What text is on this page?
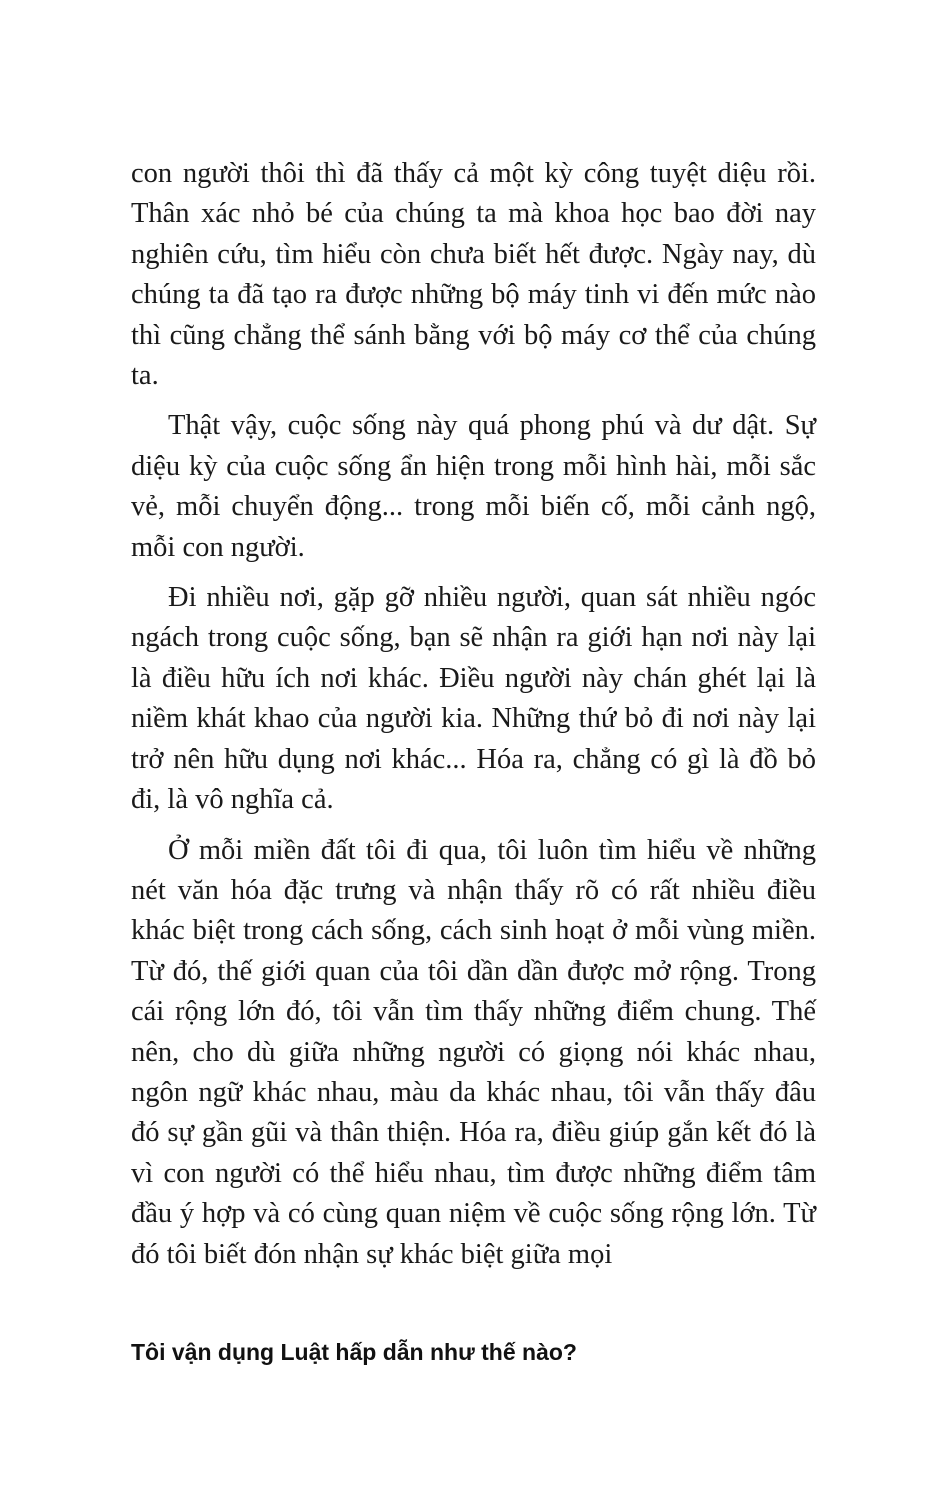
con người thôi thì đã thấy cả một kỳ công tuyệt diệu rồi. Thân xác nhỏ bé của chúng ta mà khoa học bao đời nay nghiên cứu, tìm hiểu còn chưa biết hết được. Ngày nay, dù chúng ta đã tạo ra được những bộ máy tinh vi đến mức nào thì cũng chẳng thể sánh bằng với bộ máy cơ thể của chúng ta.

Thật vậy, cuộc sống này quá phong phú và dư dật. Sự diệu kỳ của cuộc sống ẩn hiện trong mỗi hình hài, mỗi sắc vẻ, mỗi chuyển động... trong mỗi biến cố, mỗi cảnh ngộ, mỗi con người.

Đi nhiều nơi, gặp gỡ nhiều người, quan sát nhiều ngóc ngách trong cuộc sống, bạn sẽ nhận ra giới hạn nơi này lại là điều hữu ích nơi khác. Điều người này chán ghét lại là niềm khát khao của người kia. Những thứ bỏ đi nơi này lại trở nên hữu dụng nơi khác... Hóa ra, chẳng có gì là đồ bỏ đi, là vô nghĩa cả.

Ở mỗi miền đất tôi đi qua, tôi luôn tìm hiểu về những nét văn hóa đặc trưng và nhận thấy rõ có rất nhiều điều khác biệt trong cách sống, cách sinh hoạt ở mỗi vùng miền. Từ đó, thế giới quan của tôi dần dần được mở rộng. Trong cái rộng lớn đó, tôi vẫn tìm thấy những điểm chung. Thế nên, cho dù giữa những người có giọng nói khác nhau, ngôn ngữ khác nhau, màu da khác nhau, tôi vẫn thấy đâu đó sự gần gũi và thân thiện. Hóa ra, điều giúp gắn kết đó là vì con người có thể hiểu nhau, tìm được những điểm tâm đầu ý hợp và có cùng quan niệm về cuộc sống rộng lớn. Từ đó tôi biết đón nhận sự khác biệt giữa mọi

Tôi vận dụng Luật hấp dẫn như thế nào?
